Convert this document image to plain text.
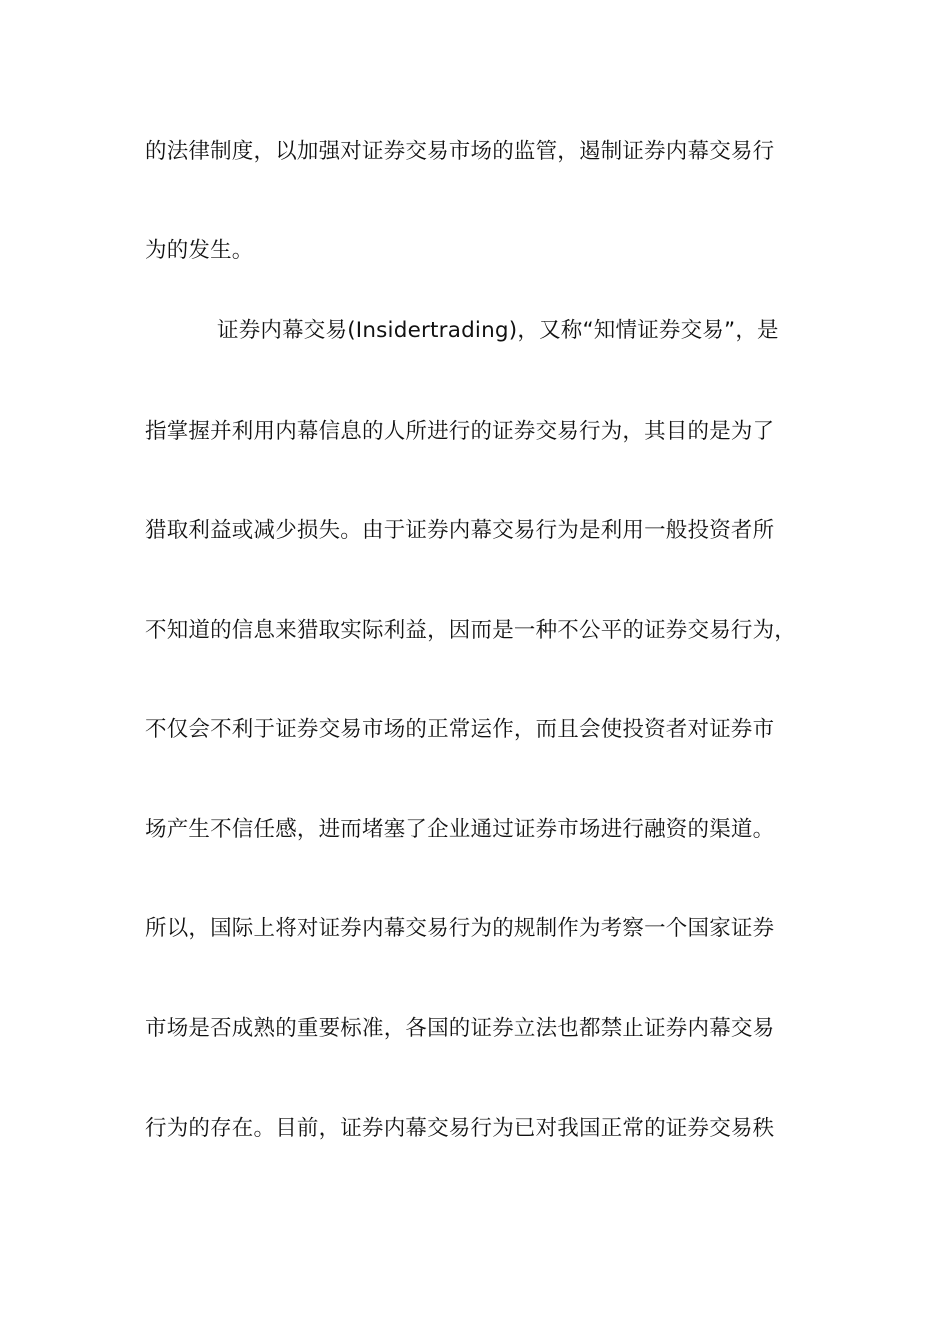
的法律制度，以加强对证券交易市场的监管，遏制证券内幕交易行
为的发生。
证券内幕交易(Insidertrading)，又称“知情证券交易”，是
指掌握并利用内幕信息的人所进行的证券交易行为，其目的是为了
猎取利益或减少损失。由于证券内幕交易行为是利用一般投资者所
不知道的信息来猎取实际利益，因而是一种不公平的证券交易行为，
不仅会不利于证券交易市场的正常运作，而且会使投资者对证券市
场产生不信任感，进而堵塞了企业通过证券市场进行融资的渠道。
所以，国际上将对证券内幕交易行为的规制作为考察一个国家证券
市场是否成熟的重要标准，各国的证券立法也都禁止证券内幕交易
行为的存在。目前，证券内幕交易行为已对我国正常的证券交易秩
